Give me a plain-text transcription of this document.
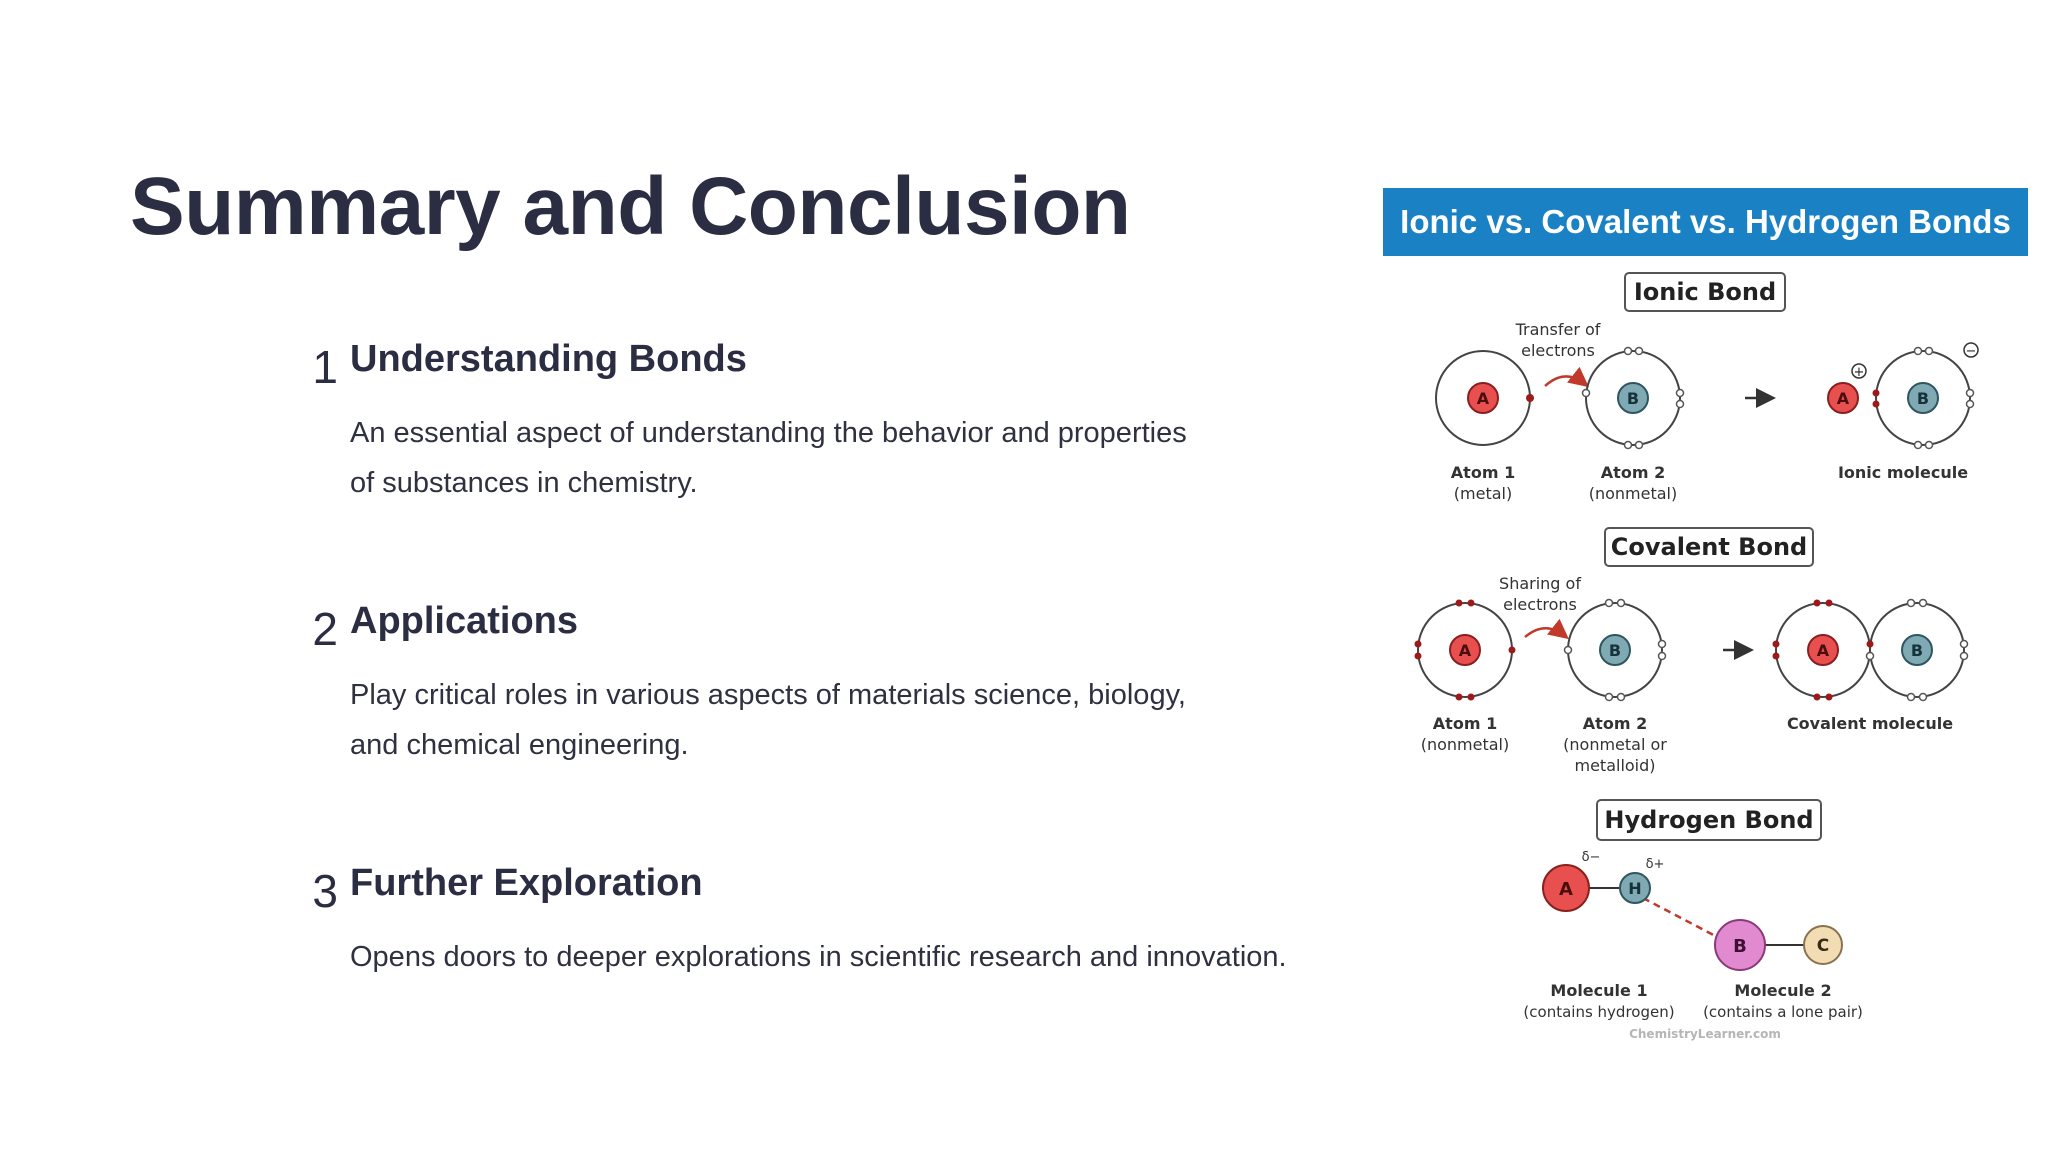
Summary and Conclusion
1 Understanding Bonds
An essential aspect of understanding the behavior and properties
of substances in chemistry.
2 Applications
Play critical roles in various aspects of materials science, biology,
and chemical engineering.
3 Further Exploration
Opens doors to deeper explorations in scientific research and innovation.
Ionic vs. Covalent vs. Hydrogen Bonds
Ionic Bond
Transfer of
electrons
A	B
Atom 1
(metal)
Atom 2
(nonmetal)
A
+
B
−
Ionic molecule
Covalent Bond
Sharing of
electrons
A	B
Atom 1
(nonmetal)
Atom 2
(nonmetal or
metalloid)
A	B
Covalent molecule
Hydrogen Bond
δ−	δ+
A	H
B	C
Molecule 1
(contains hydrogen)
Molecule 2
(contains a lone pair)
ChemistryLearner.com
